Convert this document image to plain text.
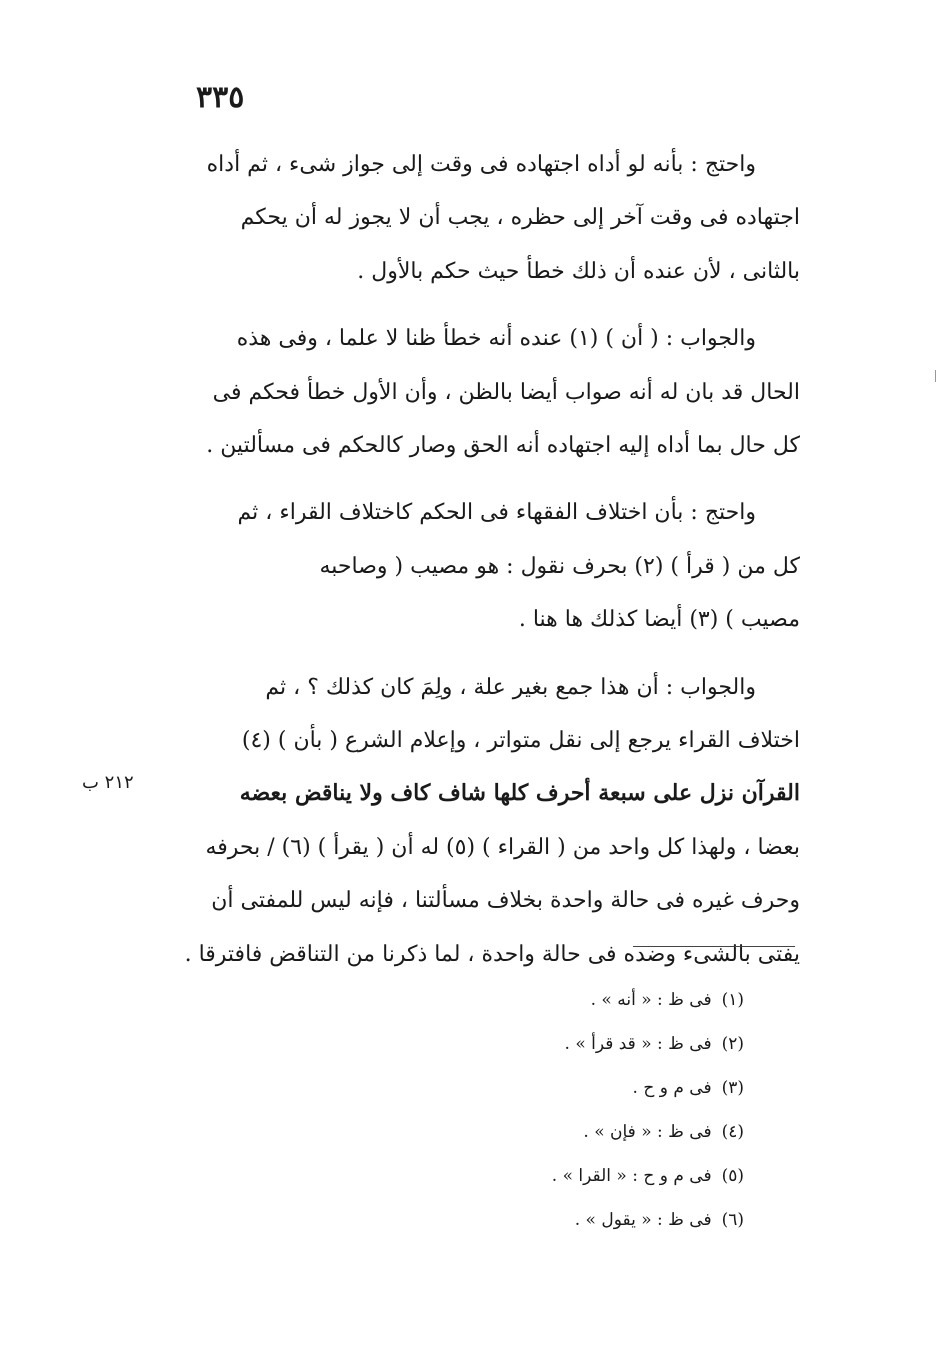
٣٣٥

واحتج : بأنه لو أداه اجتهاده فى وقت إلى جواز شىء ، ثم أداه
اجتهاده فى وقت آخر إلى حظره ، يجب أن لا يجوز له أن يحكم
بالثانى ، لأن عنده أن ذلك خطأ حيث حكم بالأول .

والجواب : ( أن ) (١) عنده أنه خطأ ظنا لا علما ، وفى هذه
الحال قد بان له أنه صواب أيضا بالظن ، وأن الأول خطأ فحكم فى
كل حال بما أداه إليه اجتهاده أنه الحق وصار كالحكم فى مسألتين .

واحتج : بأن اختلاف الفقهاء فى الحكم كاختلاف القراء ، ثم
كل من ( قرأ ) (٢) بحرف نقول : هو مصيب ( وصاحبه
مصيب ) (٣) أيضا كذلك ها هنا .

والجواب : أن هذا جمع بغير علة ، ولِمَ كان كذلك ؟ ، ثم
اختلاف القراء يرجع إلى نقل متواتر ، وإعلام الشرع ( بأن ) (٤)
القرآن نزل على سبعة أحرف كلها شاف كاف ولا يناقض بعضه
بعضا ، ولهذا كل واحد من ( القراء ) (٥) له أن ( يقرأ ) (٦) / بحرفه
وحرف غيره فى حالة واحدة بخلاف مسألتنا ، فإنه ليس للمفتى أن
يفتى بالشىء وضده فى حالة واحدة ، لما ذكرنا من التناقض فافترقا .

٢١٢ ب
(١)فى ظ : « أنه » .
(٢)فى ظ : « قد قرأ » .
(٣)فى م و ح .
(٤)فى ظ : « فإن » .
(٥)فى م و ح : « القرا » .
(٦)فى ظ : « يقول » .
